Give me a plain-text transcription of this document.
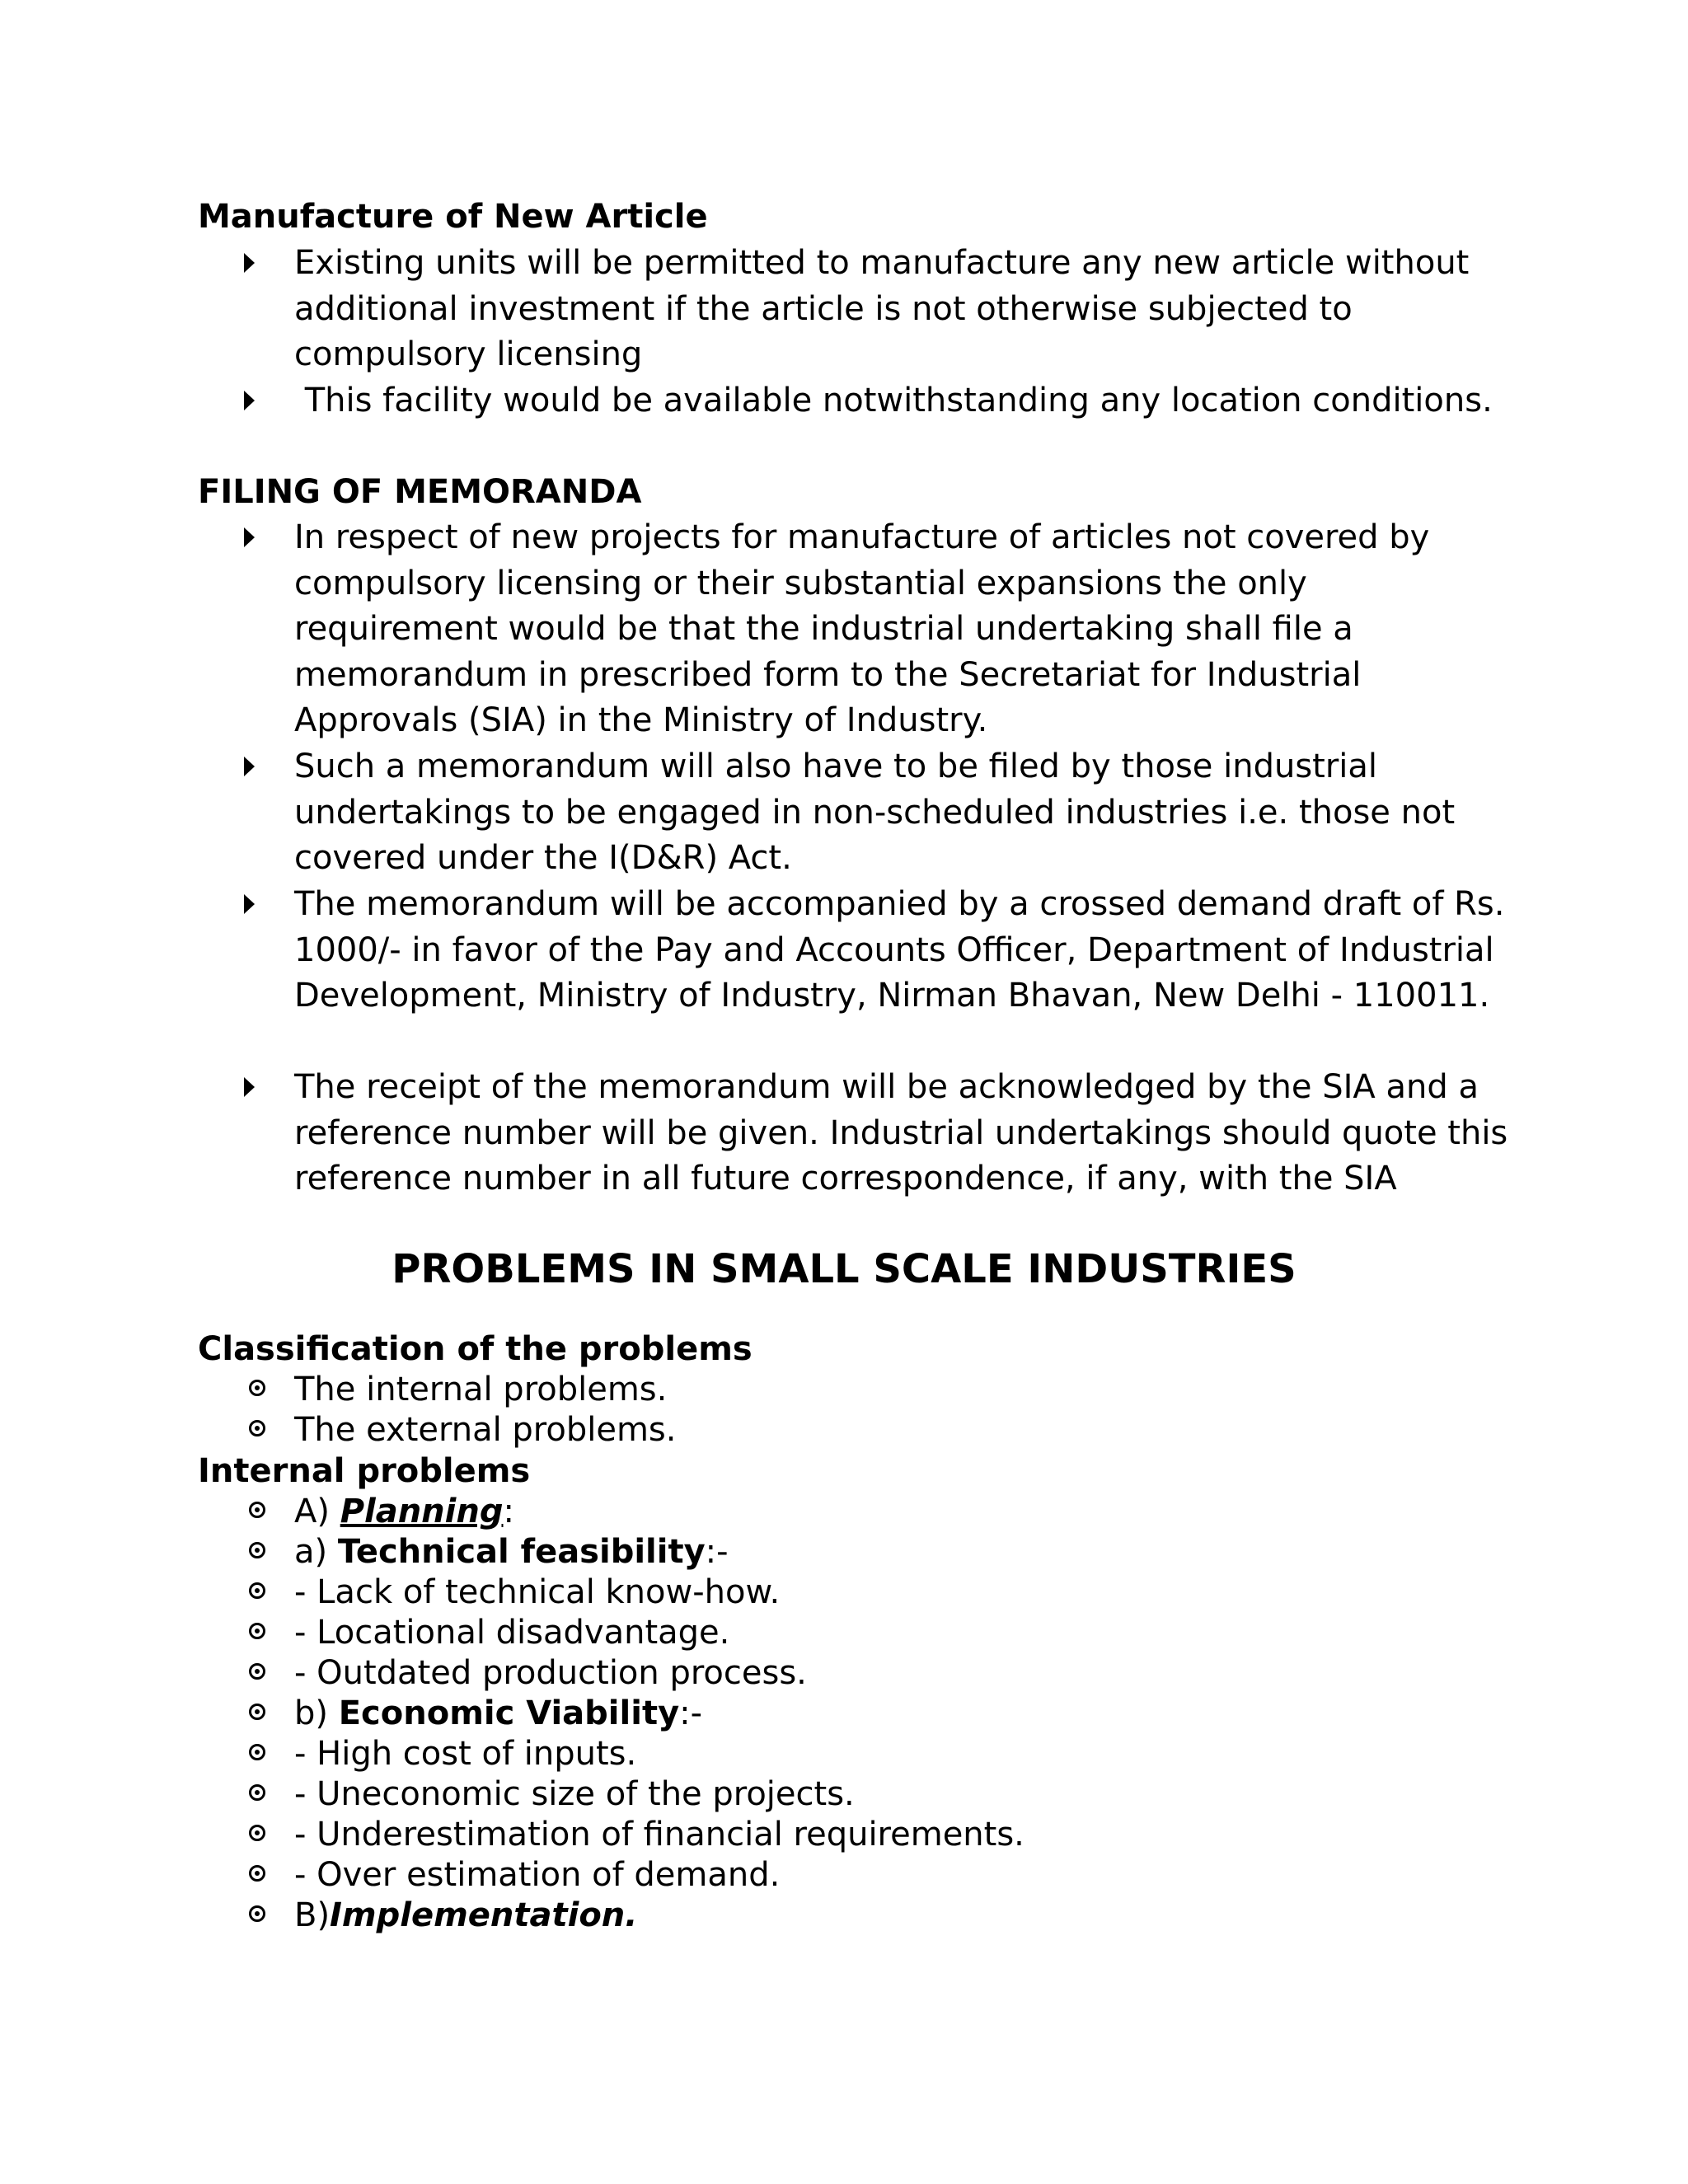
Manufacture of New Article
Existing units will be permitted to manufacture any new article without additional investment if the article is not otherwise subjected to compulsory licensing
This facility would be available notwithstanding any location conditions.
FILING OF MEMORANDA
In respect of new projects for manufacture of articles not covered by compulsory licensing or their substantial expansions the only requirement would be that the industrial undertaking shall file a memorandum in prescribed form to the Secretariat for Industrial Approvals (SIA) in the Ministry of Industry.
Such a memorandum will also have to be filed by those industrial undertakings to be engaged in non-scheduled industries i.e. those not covered under the I(D&R) Act.
The memorandum will be accompanied by a crossed demand draft of Rs. 1000/- in favor of the Pay and Accounts Officer, Department of Industrial Development, Ministry of Industry, Nirman Bhavan, New Delhi - 110011.
The receipt of the memorandum will be acknowledged by the SIA and a reference number will be given. Industrial undertakings should quote this reference number in all future correspondence, if any, with the SIA
PROBLEMS IN SMALL SCALE INDUSTRIES
Classification of the problems
The internal problems.
The external problems.
Internal problems
A) Planning:
a) Technical feasibility:-
- Lack of technical know-how.
- Locational disadvantage.
- Outdated production process.
b) Economic Viability:-
- High cost of inputs.
- Uneconomic size of the projects.
- Underestimation of financial requirements.
- Over estimation of demand.
B)Implementation.
